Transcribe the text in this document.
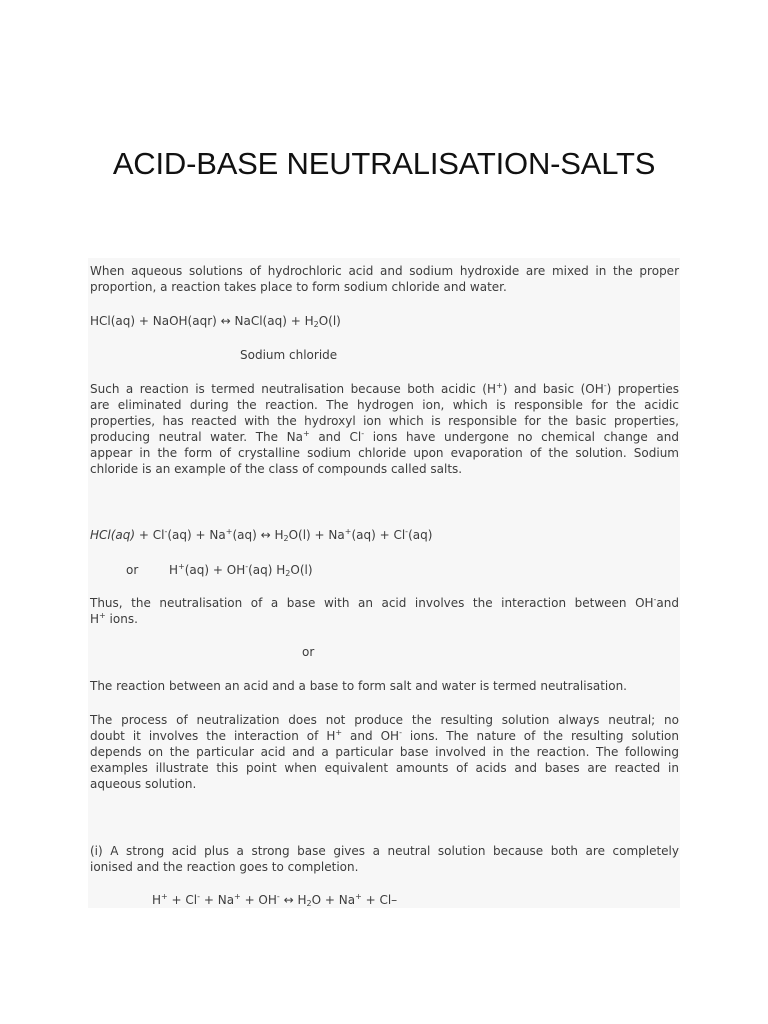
ACID-BASE NEUTRALISATION-SALTS
When aqueous solutions of hydrochloric acid and sodium hydroxide are mixed in the proper
proportion, a reaction takes place to form sodium chloride and water.
HCl(aq) + NaOH(aqr) ↔ NaCl(aq) + $H_2O(l)$
Sodium chloride
Such a reaction is termed neutralisation because both acidic (H+) and basic (OH-) properties
are eliminated during the reaction. The hydrogen ion, which is responsible for the acidic
properties, has reacted with the hydroxyl ion which is responsible for the basic properties,
producing neutral water. The Na+ and Cl- ions have undergone no chemical change and
appear in the form of crystalline sodium chloride upon evaporation of the solution. Sodium
chloride is an example of the class of compounds called salts.
HCl(aq) + Cl-(aq) + Na+(aq) ↔ $H_2O(l) + Na^+(aq) + Cl^-(aq)$
or	H+(aq) + OH-(aq) $H_2O(l)$
Thus, the neutralisation of a base with an acid involves the interaction between OH-and
H+ ions.
or
The reaction between an acid and a base to form salt and water is termed neutralisation.
The process of neutralization does not produce the resulting solution always neutral; no
doubt it involves the interaction of H+ and OH- ions. The nature of the resulting solution
depends on the particular acid and a particular base involved in the reaction. The following
examples illustrate this point when equivalent amounts of acids and bases are reacted in
aqueous solution.
(i) A strong acid plus a strong base gives a neutral solution because both are completely
ionised and the reaction goes to completion.
H+ + Cl- + Na+ + OH- ↔ $H_2O + Na^+ + Cl-$
